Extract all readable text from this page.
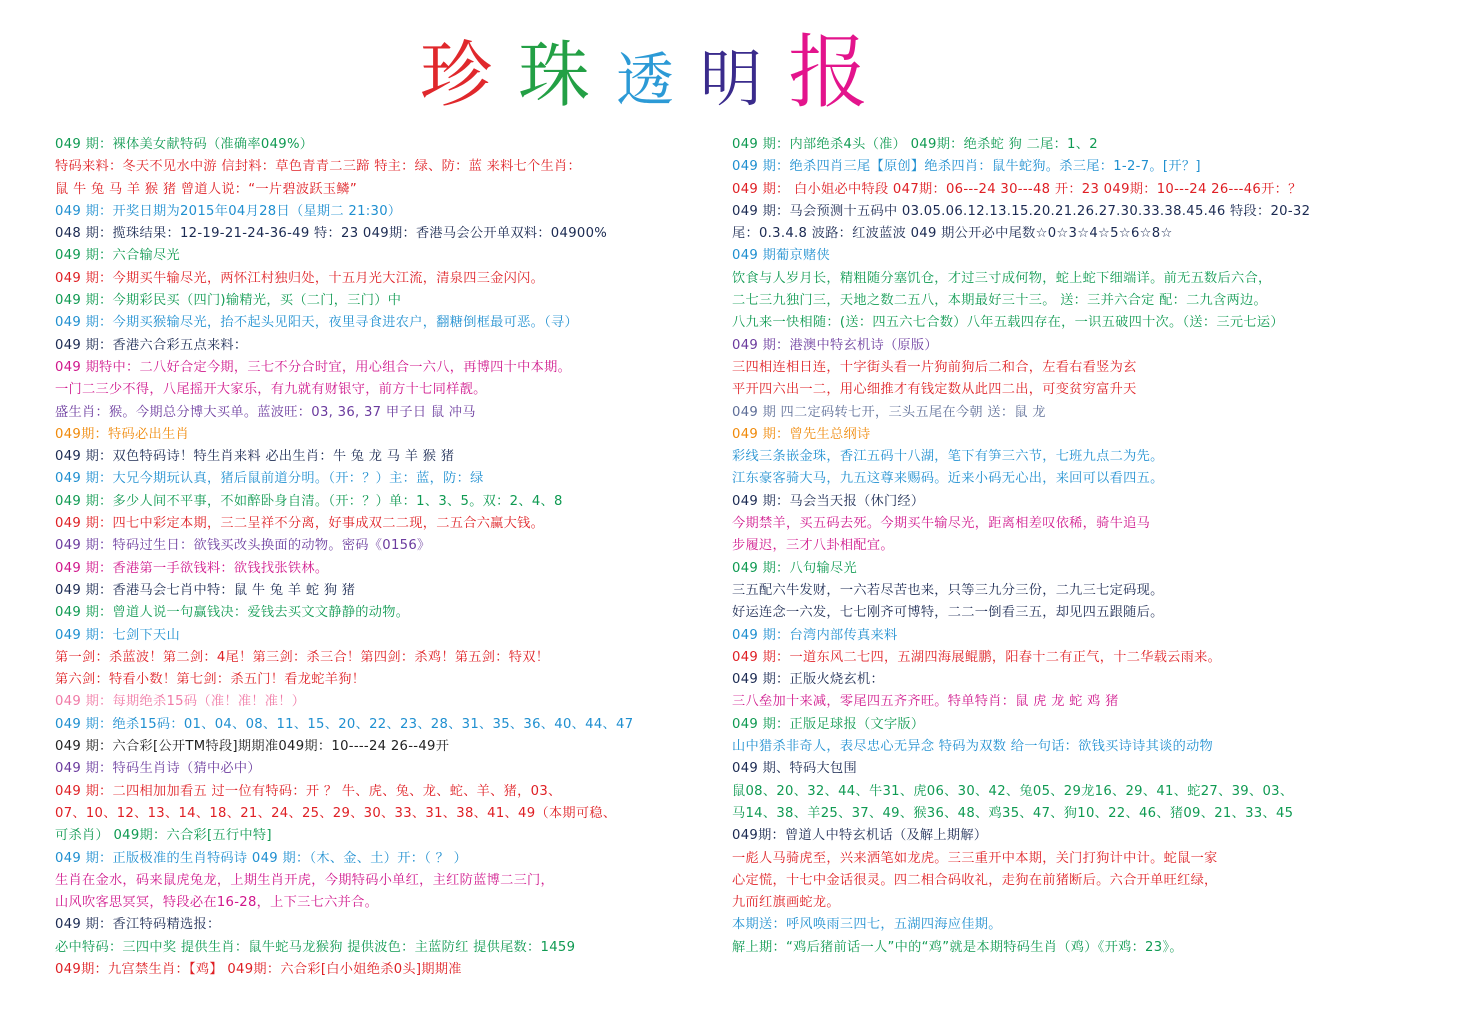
珍 珠 透 明 报
049 期：裸体美女献特码（准确率049%）
特码来料：冬天不见水中游 信封料：草色青青二三蹄 特主：绿、防：蓝 来料七个生肖：
鼠 牛 兔 马 羊 猴 猪 曾道人说：“一片碧波跃玉鳞”
049 期：开奖日期为2015年04月28日（星期二 21:30）
048 期：揽珠结果：12-19-21-24-36-49 特：23 049期：香港马会公开单双料：04900%
049 期：六合输尽光
049 期：今期买牛输尽光，两怀江村独归处，十五月光大江流，清泉四三金闪闪。
049 期：今期彩民买（四门)输精光，买（二门，三门）中
049 期：今期买猴输尽光，抬不起头见阳天，夜里寻食进农户，翻糖倒框最可恶。（寻）
049 期：香港六合彩五点来料：
049 期特中：二八好合定今期，三七不分合时宜，用心组合一六八，再博四十中本期。
一门二三少不得，八尾摇开大家乐，有九就有财银守，前方十七同样靓。
盛生肖：猴。今期总分博大买单。蓝波旺：03, 36, 37 甲子日 鼠 冲马
049期：特码必出生肖
049 期：双色特码诗！特生肖来料 必出生肖：牛 兔 龙 马 羊 猴 猪
049 期：大兄今期玩认真，猪后鼠前道分明。（开：？）主：蓝，防：绿
049 期：多少人间不平事，不如醉卧身自清。（开：？）单：1、3、5。双：2、4、8
049 期：四七中彩定本期，三二呈祥不分离，好事成双二二现，二五合六赢大钱。
049 期：特码过生日：欲钱买改头换面的动物。密码《0156》
049 期：香港第一手欲钱料：欲钱找张铁林。
049 期：香港马会七肖中特：鼠 牛 兔 羊 蛇 狗 猪
049 期：曾道人说一句赢钱决：爱钱去买文文静静的动物。
049 期：七剑下天山
第一剑：杀蓝波！第二剑：4尾！第三剑：杀三合！第四剑：杀鸡！第五剑：特双！
第六剑：特看小数！第七剑：杀五门！看龙蛇羊狗！
049 期：每期绝杀15码（准！准！准！）
049 期：绝杀15码：01、04、08、11、15、20、22、23、28、31、35、36、40、44、47
049 期：六合彩[公开TM特段]期期准049期：10----24 26--49开
049 期：特码生肖诗（猜中必中）
049 期：二四相加加看五 过一位有特码：开 ？ 牛、虎、兔、龙、蛇、羊、猪，03、
07、10、12、13、14、18、21、24、25、29、30、33、31、38、41、49（本期可稳、
可杀肖） 049期：六合彩[五行中特]
049 期：正版极准的生肖特码诗 049 期：（木、金、土）开：（ ？ ）
生肖在金水，码来鼠虎兔龙，上期生肖开虎，今期特码小单红，主红防蓝博二三门，
山风吹客思冥冥，特段必在16-28，上下三七六并合。
049 期：香江特码精选报：
必中特码：三四中奖 提供生肖：鼠牛蛇马龙猴狗 提供波色：主蓝防红 提供尾数：1459
049期：九宫禁生肖：【鸡】 049期：六合彩[白小姐绝杀0头]期期准
049 期：内部绝杀4头（准） 049期：绝杀蛇 狗 二尾：1、2
049 期：绝杀四肖三尾【原创】绝杀四肖：鼠牛蛇狗。杀三尾：1-2-7。[开？]
049 期： 白小姐必中特段 047期：06---24 30---48 开：23 049期：10---24 26---46开：？
049 期：马会预测十五码中 03.05.06.12.13.15.20.21.26.27.30.33.38.45.46 特段：20-32
尾：0.3.4.8 波路：红波蓝波 049 期公开必中尾数☆0☆3☆4☆5☆6☆8☆
049 期葡京赌侠
饮食与人岁月长，精粗随分塞饥仓，才过三寸成何物，蛇上蛇下细端详。前无五数后六合，
二七三九独门三，天地之数二五八，本期最好三十三。 送：三并六合定 配：二九含两边。
八九来一快相随：(送：四五六七合数）八年五载四存在，一识五破四十次。（送：三元七运）
049 期：港澳中特玄机诗（原版）
三四相连相日连，十字街头看一片狗前狗后二和合，左看右看竖为玄
平开四六出一二，用心细推才有钱定数从此四二出，可变贫穷富升天
049 期 四二定码转七开，三头五尾在今朝 送：鼠 龙
049 期：曾先生总纲诗
彩线三条嵌金珠，香江五码十八湖，笔下有笋三六节，七班九点二为先。
江东豪客骑大马，九五这尊来赐码。近来小码无心出，来回可以看四五。
049 期：马会当天报（休门经）
今期禁羊，买五码去死。今期买牛输尽光，距离相差叹依稀，骑牛追马
步履迟，三才八卦相配宜。
049 期：八句输尽光
三五配六牛发财，一六若尽苦也来，只等三九分三份，二九三七定码现。
好运连念一六发，七七刚齐可博特，二二一倒看三五，却见四五跟随后。
049 期：台湾内部传真来料
049 期：一道东风二七四，五湖四海展鲲鹏，阳春十二有正气，十二华载云雨来。
049 期：正版火烧玄机：
三八垒加十来减，零尾四五齐齐旺。特单特肖：鼠 虎 龙 蛇 鸡 猪
049 期：正版足球报（文字版）
山中猎杀非奇人，表尽忠心无异念 特码为双数 给一句话：欲钱买诗诗其谈的动物
049 期、特码大包围
鼠08、20、32、44、牛31、虎06、30、42、兔05、29龙16、29、41、蛇27、39、03、
马14、38、羊25、37、49、猴36、48、鸡35、47、狗10、22、46、猪09、21、33、45
049期：曾道人中特玄机话（及解上期解）
一彪人马骑虎至，兴来洒笔如龙虎。三三重开中本期，关门打狗计中计。蛇鼠一家
心定慌，十七中金话很灵。四二相合码收礼，走狗在前猪断后。六合开单旺红绿，
九而红旗画蛇龙。
本期送：呼风唤雨三四七，五湖四海应佳期。
解上期：“鸡后猪前话一人”中的“鸡”就是本期特码生肖（鸡）《开鸡：23》。
